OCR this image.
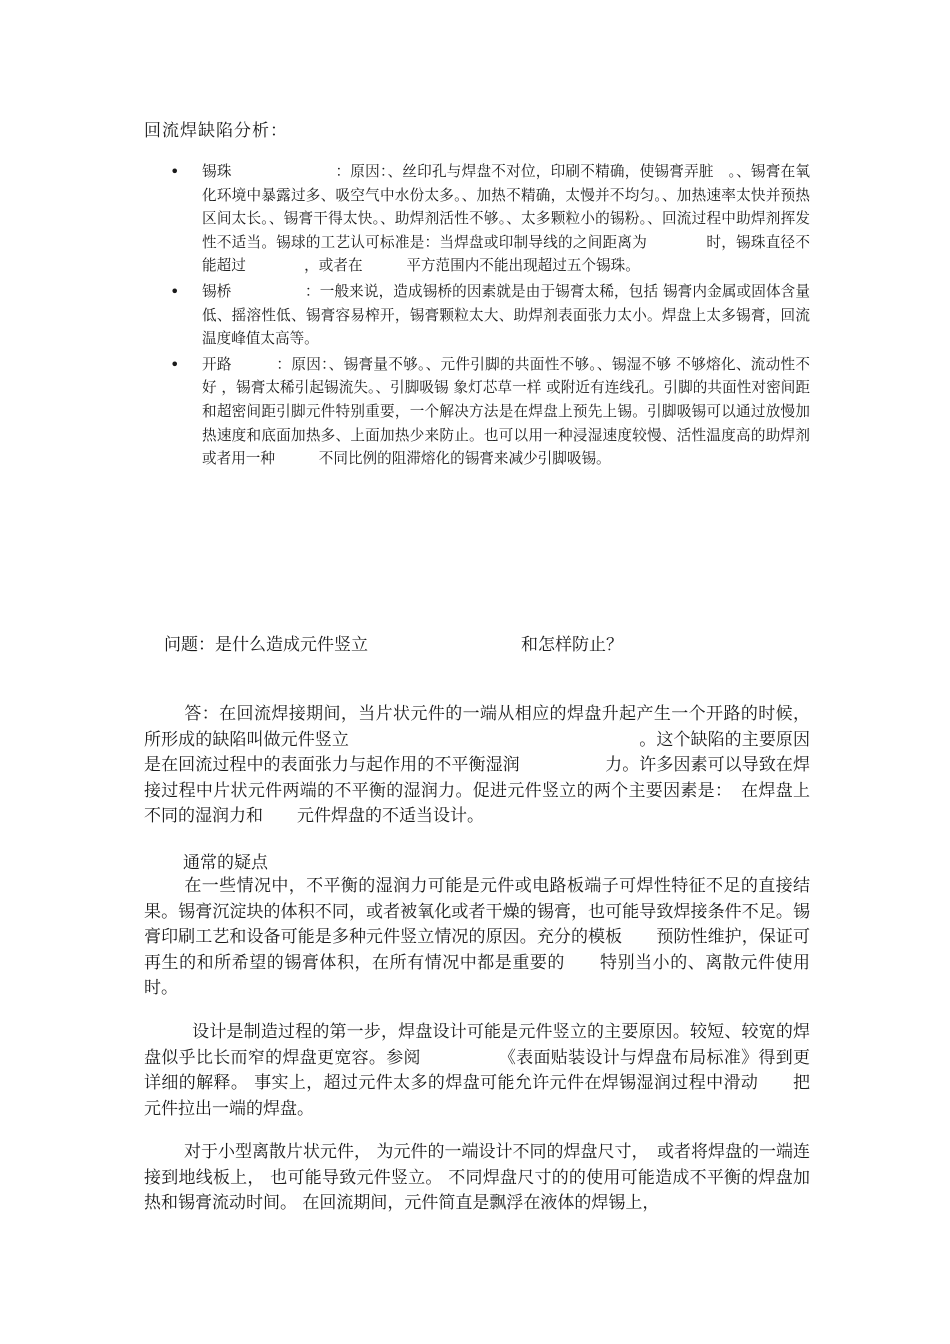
回流焊缺陷分析：
• 锡珠　　　　　　　：原因：、丝印孔与焊盘不对位，印刷不精确，使锡膏弄脏　。、锡膏在氧化环境中暴露过多、吸空气中水份太多。、加热不精确，太慢并不均匀。、加热速率太快并预热区间太长。、锡膏干得太快。、助焊剂活性不够。、太多颗粒小的锡粉。、回流过程中助焊剂挥发性不适当。锡球的工艺认可标准是：当焊盘或印制导线的之间距离为　　　　时，锡珠直径不能超过　　　　，或者在　　　平方范围内不能出现超过五个锡珠。
• 锡桥　　　　　：一般来说，造成锡桥的因素就是由于锡膏太稀，包括 锡膏内金属或固体含量低、摇溶性低、锡膏容易榨开，锡膏颗粒太大、助焊剂表面张力太小。焊盘上太多锡膏，回流温度峰值太高等。
• 开路　　　：原因：、锡膏量不够。、元件引脚的共面性不够。、锡湿不够 不够熔化、流动性不好 ，锡膏太稀引起锡流失。、引脚吸锡 象灯芯草一样 或附近有连线孔。引脚的共面性对密间距和超密间距引脚元件特别重要，一个解决方法是在焊盘上预先上锡。引脚吸锡可以通过放慢加热速度和底面加热多、上面加热少来防止。也可以用一种浸湿速度较慢、活性温度高的助焊剂或者用一种　　　不同比例的阻滞熔化的锡膏来减少引脚吸锡。
问题：是什么造成元件竖立　　　　　　　　　和怎样防止？
答：在回流焊接期间，当片状元件的一端从相应的焊盘升起产生一个开路的时候，所形成的缺陷叫做元件竖立　　　　　　　　　　　　　　　　　。这个缺陷的主要原因是在回流过程中的表面张力与起作用的不平衡湿润　　　　　力。许多因素可以导致在焊接过程中片状元件两端的不平衡的湿润力。促进元件竖立的两个主要因素是：　在焊盘上不同的湿润力和　　元件焊盘的不适当设计。
通常的疑点
在一些情况中，不平衡的湿润力可能是元件或电路板端子可焊性特征不足的直接结果。锡膏沉淀块的体积不同，或者被氧化或者干燥的锡膏，也可能导致焊接条件不足。锡膏印刷工艺和设备可能是多种元件竖立情况的原因。充分的模板　　预防性维护，保证可再生的和所希望的锡膏体积，在所有情况中都是重要的　　特别当小的、离散元件使用时。
设计是制造过程的第一步，焊盘设计可能是元件竖立的主要原因。较短、较宽的焊盘似乎比长而窄的焊盘更宽容。参阅　　　　　《表面贴装设计与焊盘布局标准》得到更详细的解释。 事实上，超过元件太多的焊盘可能允许元件在焊锡湿润过程中滑动　　把元件拉出一端的焊盘。
对于小型离散片状元件， 为元件的一端设计不同的焊盘尺寸，　或者将焊盘的一端连接到地线板上， 也可能导致元件竖立。 不同焊盘尺寸的的使用可能造成不平衡的焊盘加热和锡膏流动时间。 在回流期间，元件简直是飘浮在液体的焊锡上，
